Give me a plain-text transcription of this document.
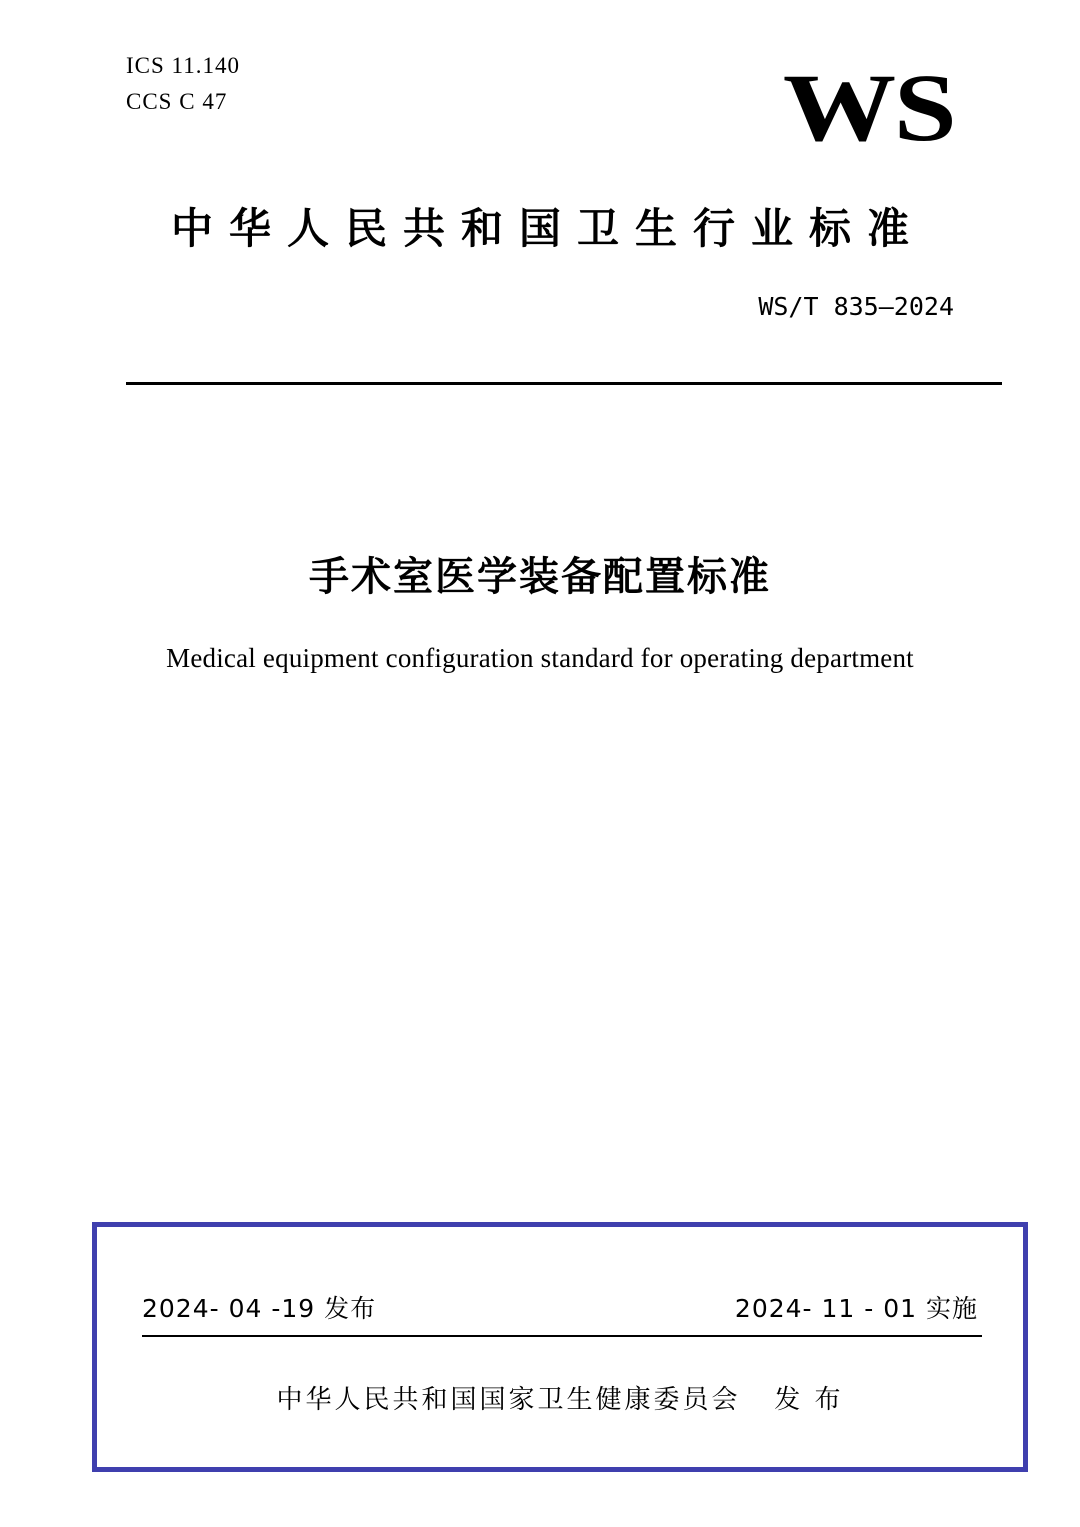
ICS 11.140
CCS C 47	WS
中华人民共和国卫生行业标准
WS/T 835—2024
手术室医学装备配置标准
Medical equipment configuration standard for operating department
2024- 04 -19 发布	2024- 11 - 01 实施
中华人民共和国国家卫生健康委员会   发 布
